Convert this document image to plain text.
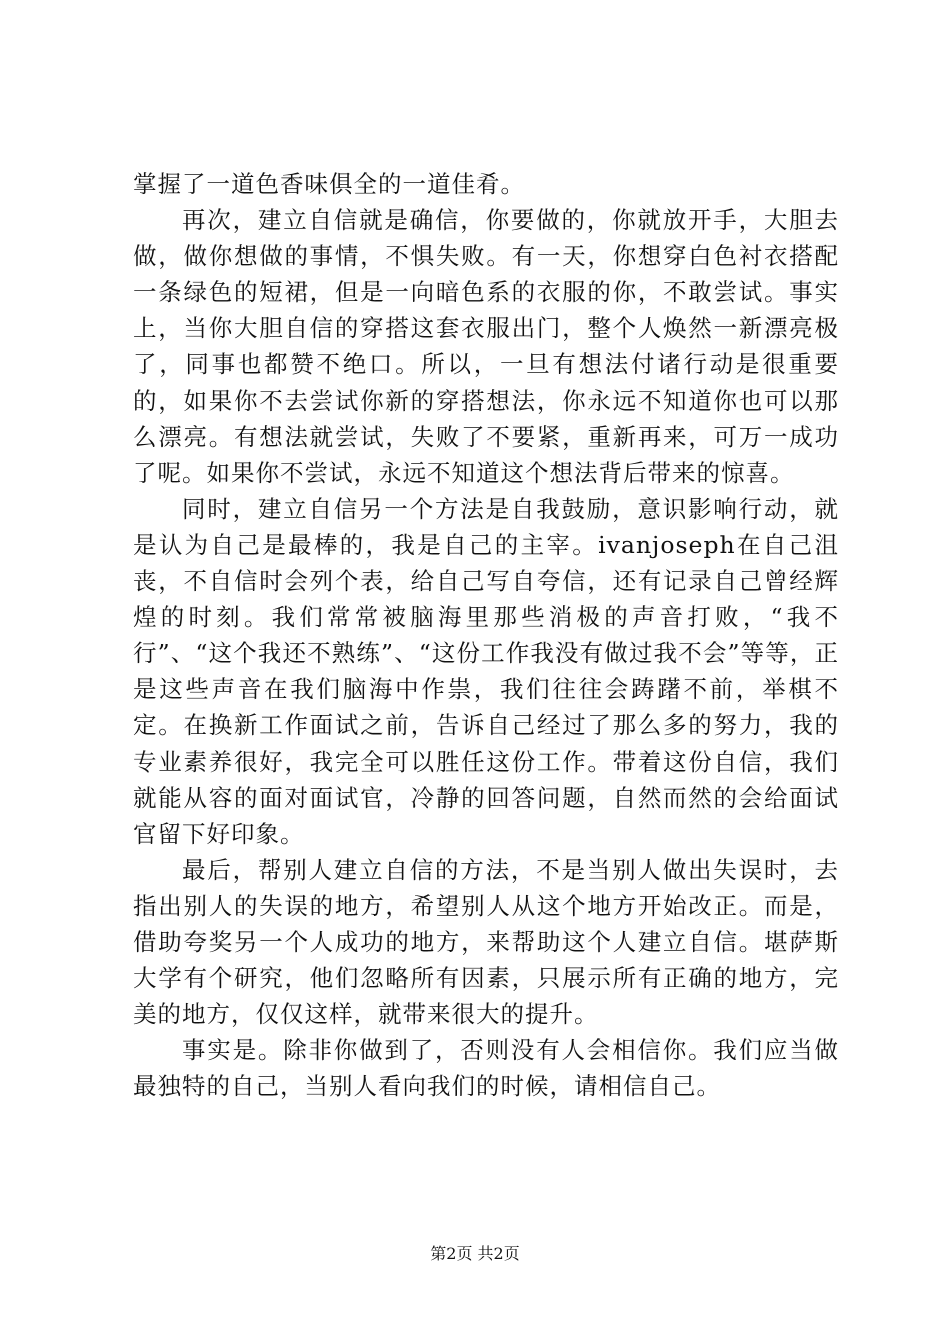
掌握了一道色香味俱全的一道佳肴。

再次，建立自信就是确信，你要做的，你就放开手，大胆去做，做你想做的事情，不惧失败。有一天，你想穿白色衬衣搭配一条绿色的短裙，但是一向暗色系的衣服的你，不敢尝试。事实上，当你大胆自信的穿搭这套衣服出门，整个人焕然一新漂亮极了，同事也都赞不绝口。所以，一旦有想法付诸行动是很重要的，如果你不去尝试你新的穿搭想法，你永远不知道你也可以那么漂亮。有想法就尝试，失败了不要紧，重新再来，可万一成功了呢。如果你不尝试，永远不知道这个想法背后带来的惊喜。

同时，建立自信另一个方法是自我鼓励，意识影响行动，就是认为自己是最棒的，我是自己的主宰。ivanjoseph在自己沮丧，不自信时会列个表，给自己写自夸信，还有记录自己曾经辉煌的时刻。我们常常被脑海里那些消极的声音打败，“我不行”、“这个我还不熟练”、“这份工作我没有做过我不会”等等，正是这些声音在我们脑海中作祟，我们往往会踌躇不前，举棋不定。在换新工作面试之前，告诉自己经过了那么多的努力，我的专业素养很好，我完全可以胜任这份工作。带着这份自信，我们就能从容的面对面试官，冷静的回答问题，自然而然的会给面试官留下好印象。

最后，帮别人建立自信的方法，不是当别人做出失误时，去指出别人的失误的地方，希望别人从这个地方开始改正。而是，借助夸奖另一个人成功的地方，来帮助这个人建立自信。堪萨斯大学有个研究，他们忽略所有因素，只展示所有正确的地方，完美的地方，仅仅这样，就带来很大的提升。

事实是。除非你做到了，否则没有人会相信你。我们应当做最独特的自己，当别人看向我们的时候，请相信自己。

第2页 共2页
